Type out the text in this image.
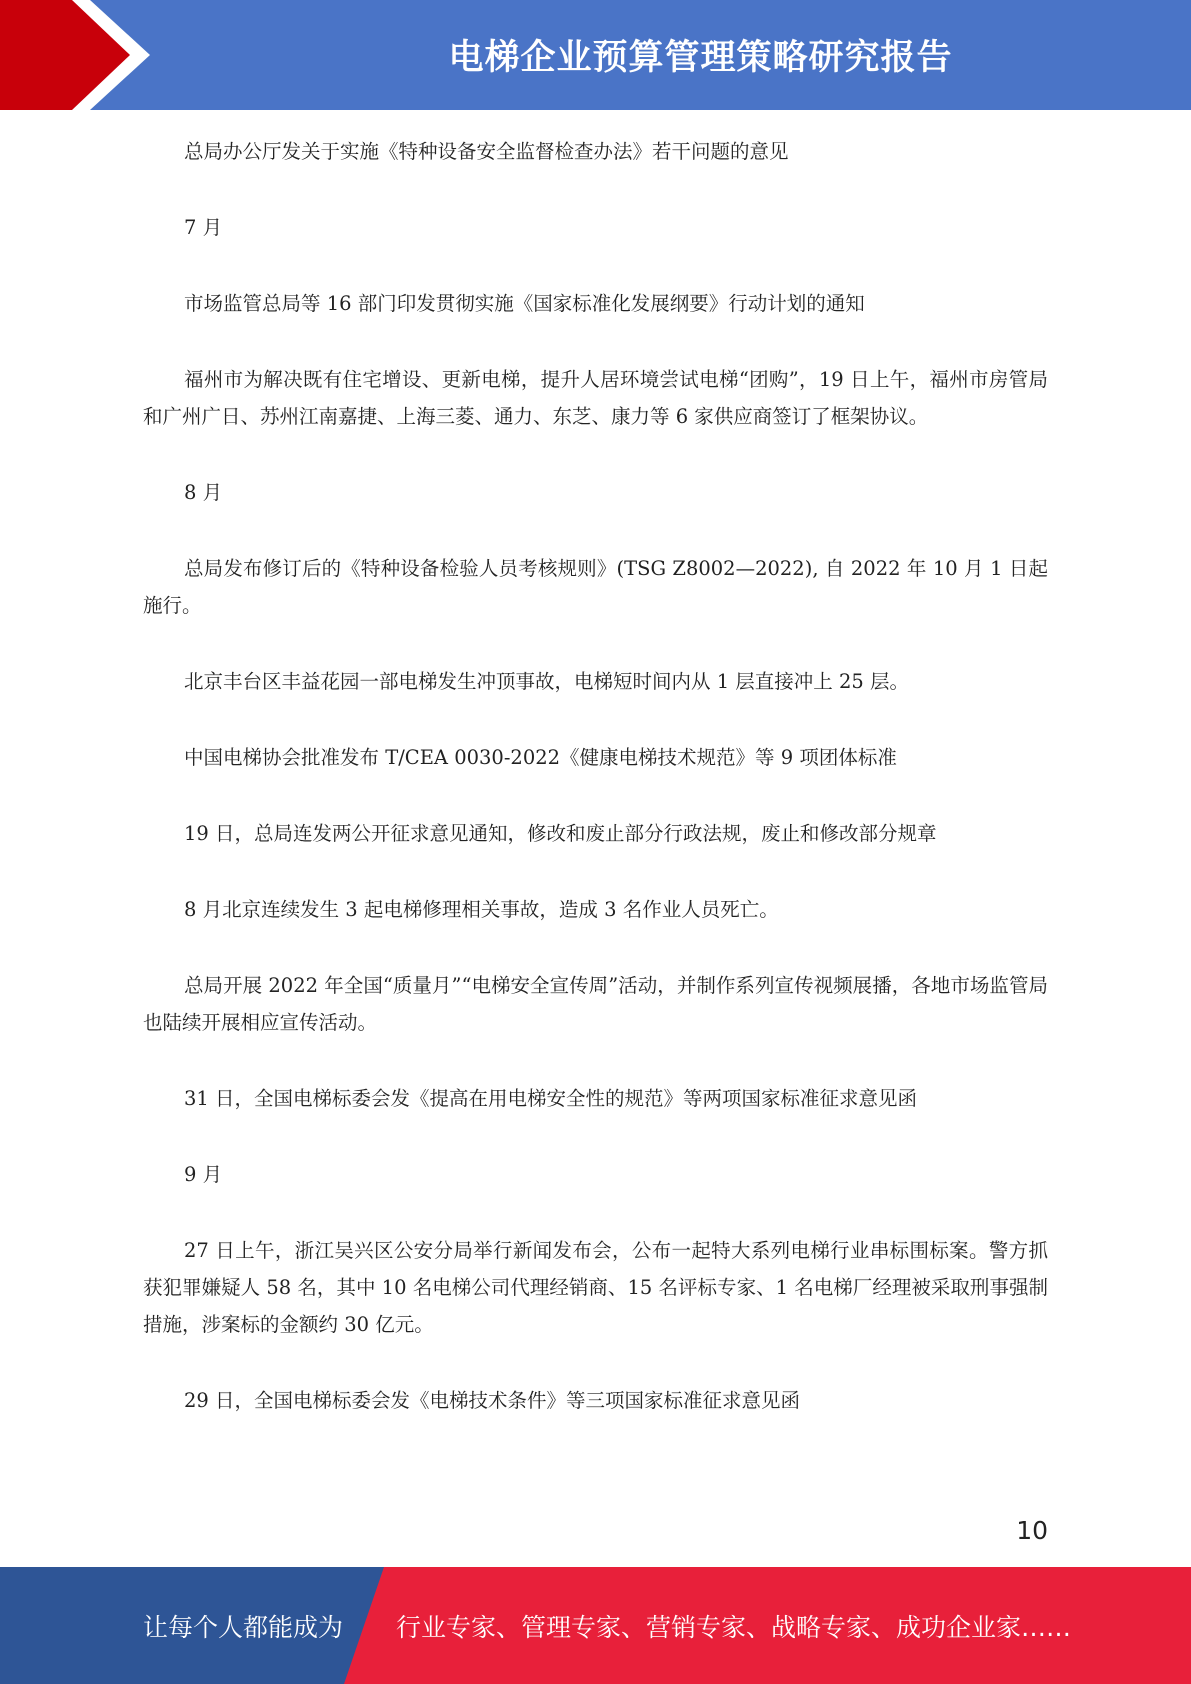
电梯企业预算管理策略研究报告

总局办公厅发关于实施《特种设备安全监督检查办法》若干问题的意见

7 月

市场监管总局等 16 部门印发贯彻实施《国家标准化发展纲要》行动计划的通知

福州市为解决既有住宅增设、更新电梯，提升人居环境尝试电梯“团购”，19 日上午，福州市房管局和广州广日、苏州江南嘉捷、上海三菱、通力、东芝、康力等 6 家供应商签订了框架协议。

8 月

总局发布修订后的《特种设备检验人员考核规则》(TSG Z8002—2022), 自 2022 年 10 月 1 日起施行。

北京丰台区丰益花园一部电梯发生冲顶事故，电梯短时间内从 1 层直接冲上 25 层。

中国电梯协会批准发布 T/CEA 0030-2022《健康电梯技术规范》等 9 项团体标准

19 日，总局连发两公开征求意见通知，修改和废止部分行政法规，废止和修改部分规章

8 月北京连续发生 3 起电梯修理相关事故，造成 3 名作业人员死亡。

总局开展 2022 年全国“质量月”“电梯安全宣传周”活动，并制作系列宣传视频展播，各地市场监管局也陆续开展相应宣传活动。

31 日，全国电梯标委会发《提高在用电梯安全性的规范》等两项国家标准征求意见函

9 月

27 日上午，浙江吴兴区公安分局举行新闻发布会，公布一起特大系列电梯行业串标围标案。警方抓获犯罪嫌疑人 58 名，其中 10 名电梯公司代理经销商、15 名评标专家、1 名电梯厂经理被采取刑事强制措施，涉案标的金额约 30 亿元。

29 日，全国电梯标委会发《电梯技术条件》等三项国家标准征求意见函

10
让每个人都能成为 行业专家、管理专家、营销专家、战略专家、成功企业家……
